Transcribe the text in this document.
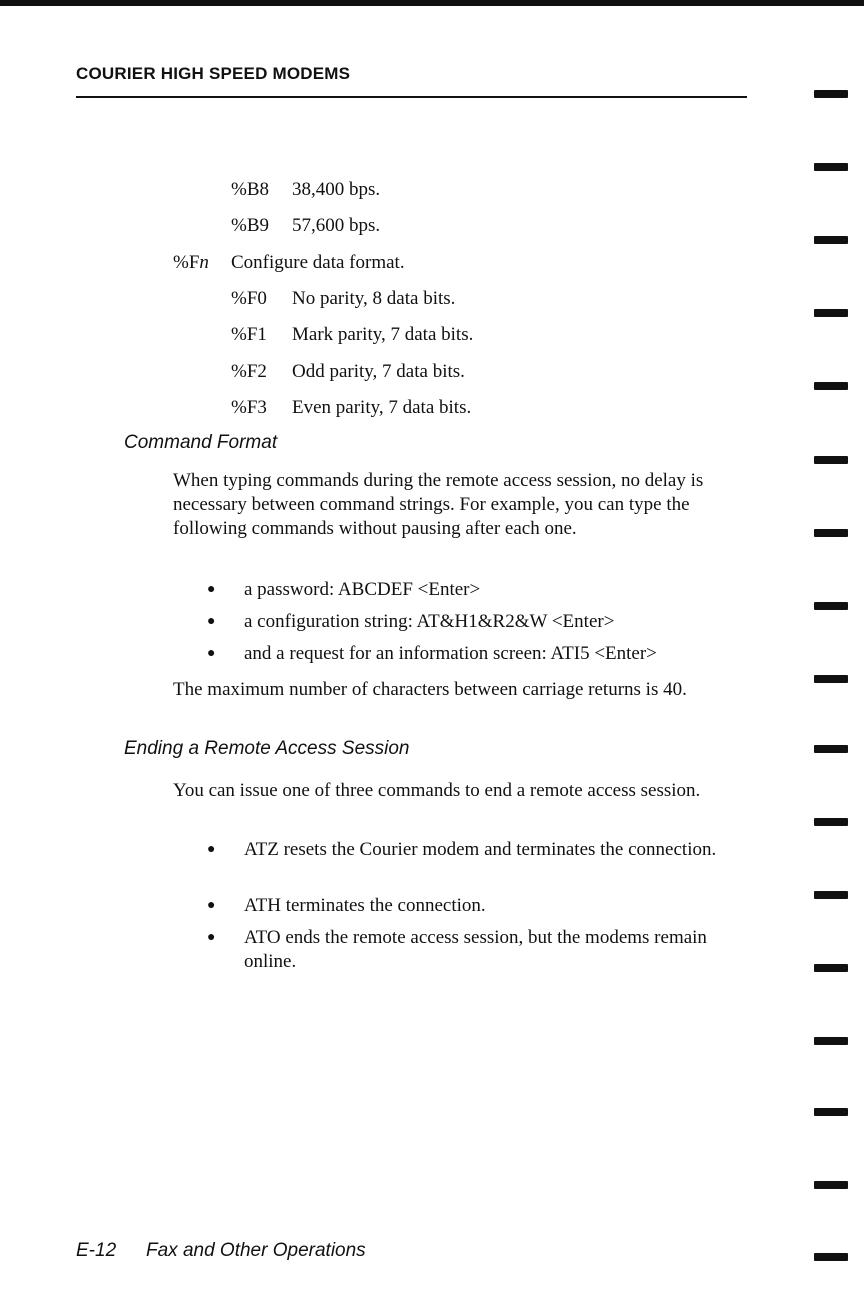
COURIER HIGH SPEED MODEMS
%B8 38,400 bps.
%B9 57,600 bps.
%Fn Configure data format.
%F0 No parity, 8 data bits.
%F1 Mark parity, 7 data bits.
%F2 Odd parity, 7 data bits.
%F3 Even parity, 7 data bits.
Command Format
When typing commands during the remote access session, no delay is necessary between command strings. For example, you can type the following commands without pausing after each one.
● a password: ABCDEF <Enter>
● a configuration string: AT&H1&R2&W <Enter>
● and a request for an information screen: ATI5 <Enter>
The maximum number of characters between carriage returns is 40.
Ending a Remote Access Session
You can issue one of three commands to end a remote access session.
● ATZ resets the Courier modem and terminates the connection.
● ATH terminates the connection.
● ATO ends the remote access session, but the modems remain online.
E-12 Fax and Other Operations
